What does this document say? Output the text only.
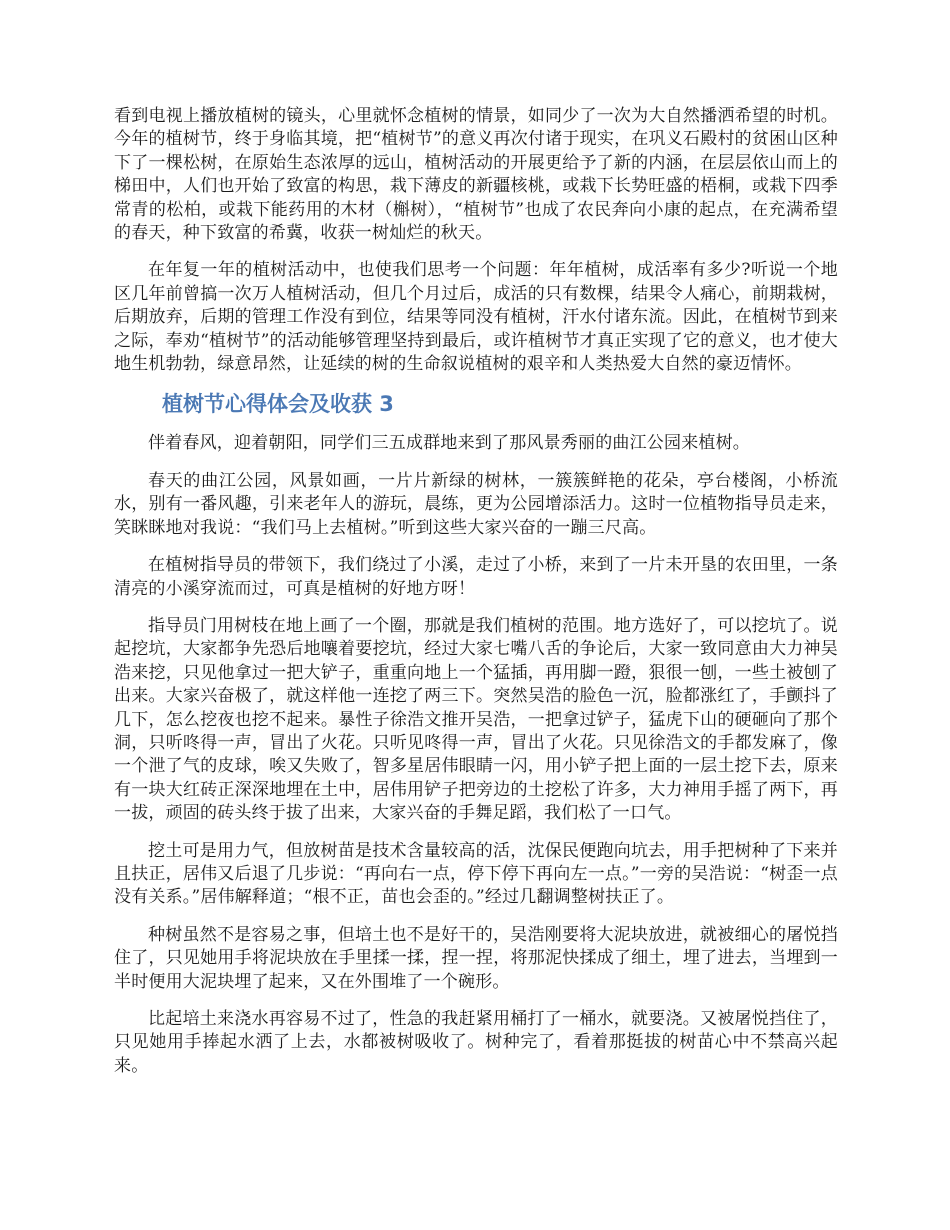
看到电视上播放植树的镜头，心里就怀念植树的情景，如同少了一次为大自然播洒希望的时机。今年的植树节，终于身临其境，把“植树节”的意义再次付诸于现实，在巩义石殿村的贫困山区种下了一棵松树，在原始生态浓厚的远山，植树活动的开展更给予了新的内涵，在层层依山而上的梯田中，人们也开始了致富的构思，栽下薄皮的新疆核桃，或栽下长势旺盛的梧桐，或栽下四季常青的松柏，或栽下能药用的木材（槲树），“植树节”也成了农民奔向小康的起点，在充满希望的春天，种下致富的希冀，收获一树灿烂的秋天。

在年复一年的植树活动中，也使我们思考一个问题：年年植树，成活率有多少?听说一个地区几年前曾搞一次万人植树活动，但几个月过后，成活的只有数棵，结果令人痛心，前期栽树，后期放弃，后期的管理工作没有到位，结果等同没有植树，汗水付诸东流。因此，在植树节到来之际，奉劝“植树节”的活动能够管理坚持到最后，或许植树节才真正实现了它的意义，也才使大地生机勃勃，绿意昂然，让延续的树的生命叙说植树的艰辛和人类热爱大自然的豪迈情怀。

植树节心得体会及收获 3

伴着春风，迎着朝阳，同学们三五成群地来到了那风景秀丽的曲江公园来植树。

春天的曲江公园，风景如画，一片片新绿的树林，一簇簇鲜艳的花朵，亭台楼阁，小桥流水，别有一番风趣，引来老年人的游玩，晨练，更为公园增添活力。这时一位植物指导员走来，笑眯眯地对我说：“我们马上去植树。”听到这些大家兴奋的一蹦三尺高。

在植树指导员的带领下，我们绕过了小溪，走过了小桥，来到了一片未开垦的农田里，一条清亮的小溪穿流而过，可真是植树的好地方呀！

指导员门用树枝在地上画了一个圈，那就是我们植树的范围。地方选好了，可以挖坑了。说起挖坑，大家都争先恐后地嚷着要挖坑，经过大家七嘴八舌的争论后，大家一致同意由大力神吴浩来挖，只见他拿过一把大铲子，重重向地上一个猛插，再用脚一蹬，狠很一刨，一些土被刨了出来。大家兴奋极了，就这样他一连挖了两三下。突然吴浩的脸色一沉，脸都涨红了，手颤抖了几下，怎么挖夜也挖不起来。暴性子徐浩文推开吴浩，一把拿过铲子，猛虎下山的硬砸向了那个洞，只听咚得一声，冒出了火花。只听见咚得一声，冒出了火花。只见徐浩文的手都发麻了，像一个泄了气的皮球，唉又失败了，智多星居伟眼睛一闪，用小铲子把上面的一层土挖下去，原来有一块大红砖正深深地埋在土中，居伟用铲子把旁边的土挖松了许多，大力神用手摇了两下，再一拔，顽固的砖头终于拔了出来，大家兴奋的手舞足蹈，我们松了一口气。

挖土可是用力气，但放树苗是技术含量较高的活，沈保民便跑向坑去，用手把树种了下来并且扶正，居伟又后退了几步说：“再向右一点，停下停下再向左一点。”一旁的吴浩说：“树歪一点没有关系。”居伟解释道；“根不正，苗也会歪的。”经过几翻调整树扶正了。

种树虽然不是容易之事，但培土也不是好干的，吴浩刚要将大泥块放进，就被细心的屠悦挡住了，只见她用手将泥块放在手里揉一揉，捏一捏，将那泥快揉成了细土，埋了进去，当埋到一半时便用大泥块埋了起来，又在外围堆了一个碗形。

比起培土来浇水再容易不过了，性急的我赶紧用桶打了一桶水，就要浇。又被屠悦挡住了，只见她用手捧起水洒了上去，水都被树吸收了。树种完了，看着那挺拔的树苗心中不禁高兴起来。
